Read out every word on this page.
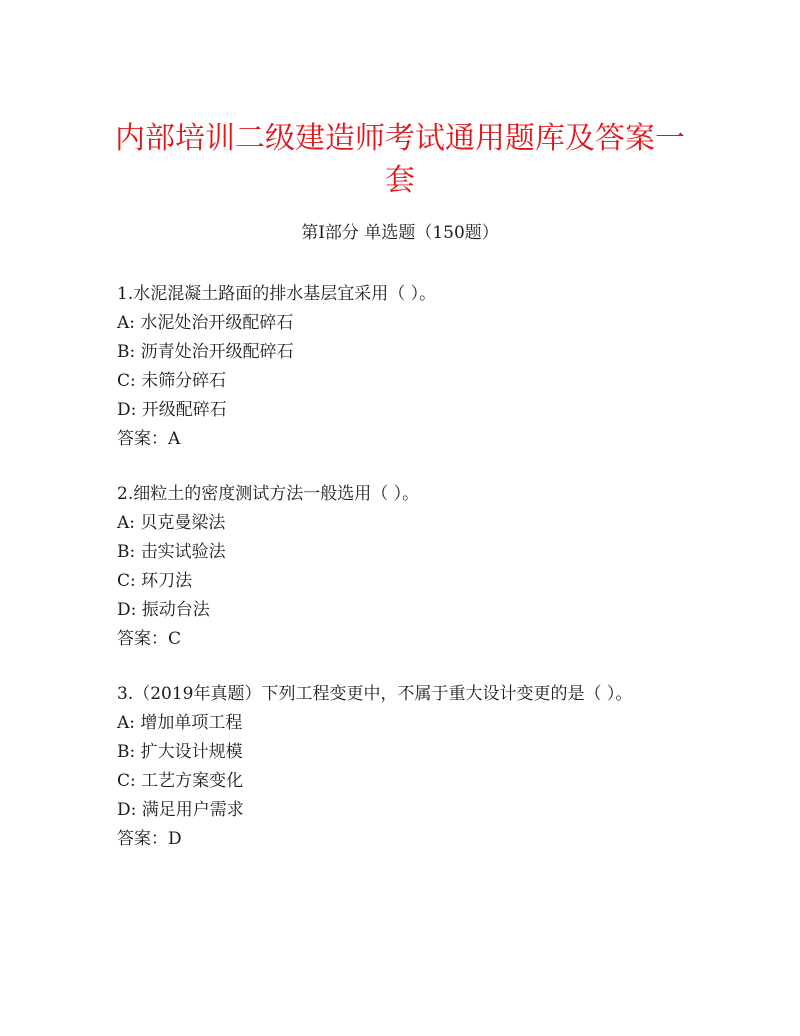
内部培训二级建造师考试通用题库及答案一
套
第I部分 单选题（150题）

1.水泥混凝土路面的排水基层宜采用（ ）。

A: 水泥处治开级配碎石

B: 沥青处治开级配碎石

C: 未筛分碎石

D: 开级配碎石

答案：A

2.细粒土的密度测试方法一般选用（ ）。

A: 贝克曼梁法

B: 击实试验法

C: 环刀法

D: 振动台法

答案：C

3.（2019年真题）下列工程变更中，不属于重大设计变更的是（ ）。

A: 增加单项工程

B: 扩大设计规模

C: 工艺方案变化

D: 满足用户需求

答案：D
